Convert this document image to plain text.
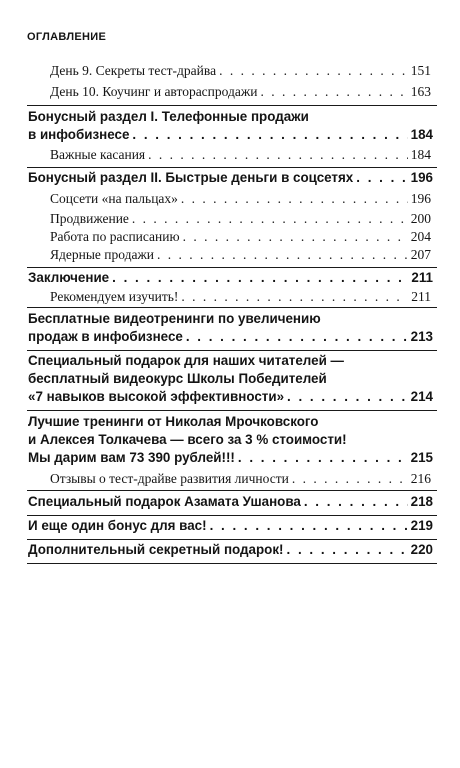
ОГЛАВЛЕНИЕ
День 9. Секреты тест-драйва . . .	151
День 10. Коучинг и автораспродажи . . .	163
Бонусный раздел I. Телефонные продажи
в инфобизнесе . . .	184
Важные касания . . .	184
Бонусный раздел II. Быстрые деньги в соцсетях . . .	196
Соцсети «на пальцах» . . .	196
Продвижение . . .	200
Работа по расписанию . . .	204
Ядерные продажи . . .	207
Заключение . . .	211
Рекомендуем изучить! . . .	211
Бесплатные видеотренинги по увеличению
продаж в инфобизнесе . . .	213
Специальный подарок для наших читателей —
бесплатный видеокурс Школы Победителей
«7 навыков высокой эффективности» . . .	214
Лучшие тренинги от Николая Мрочковского
и Алексея Толкачева — всего за 3 % стоимости!
Мы дарим вам 73 390 рублей!!! . . .	215
Отзывы о тест-драйве развития личности . . .	216
Специальный подарок Азамата Ушанова . . .	218
И еще один бонус для вас! . . .	219
Дополнительный секретный подарок! . . .	220
